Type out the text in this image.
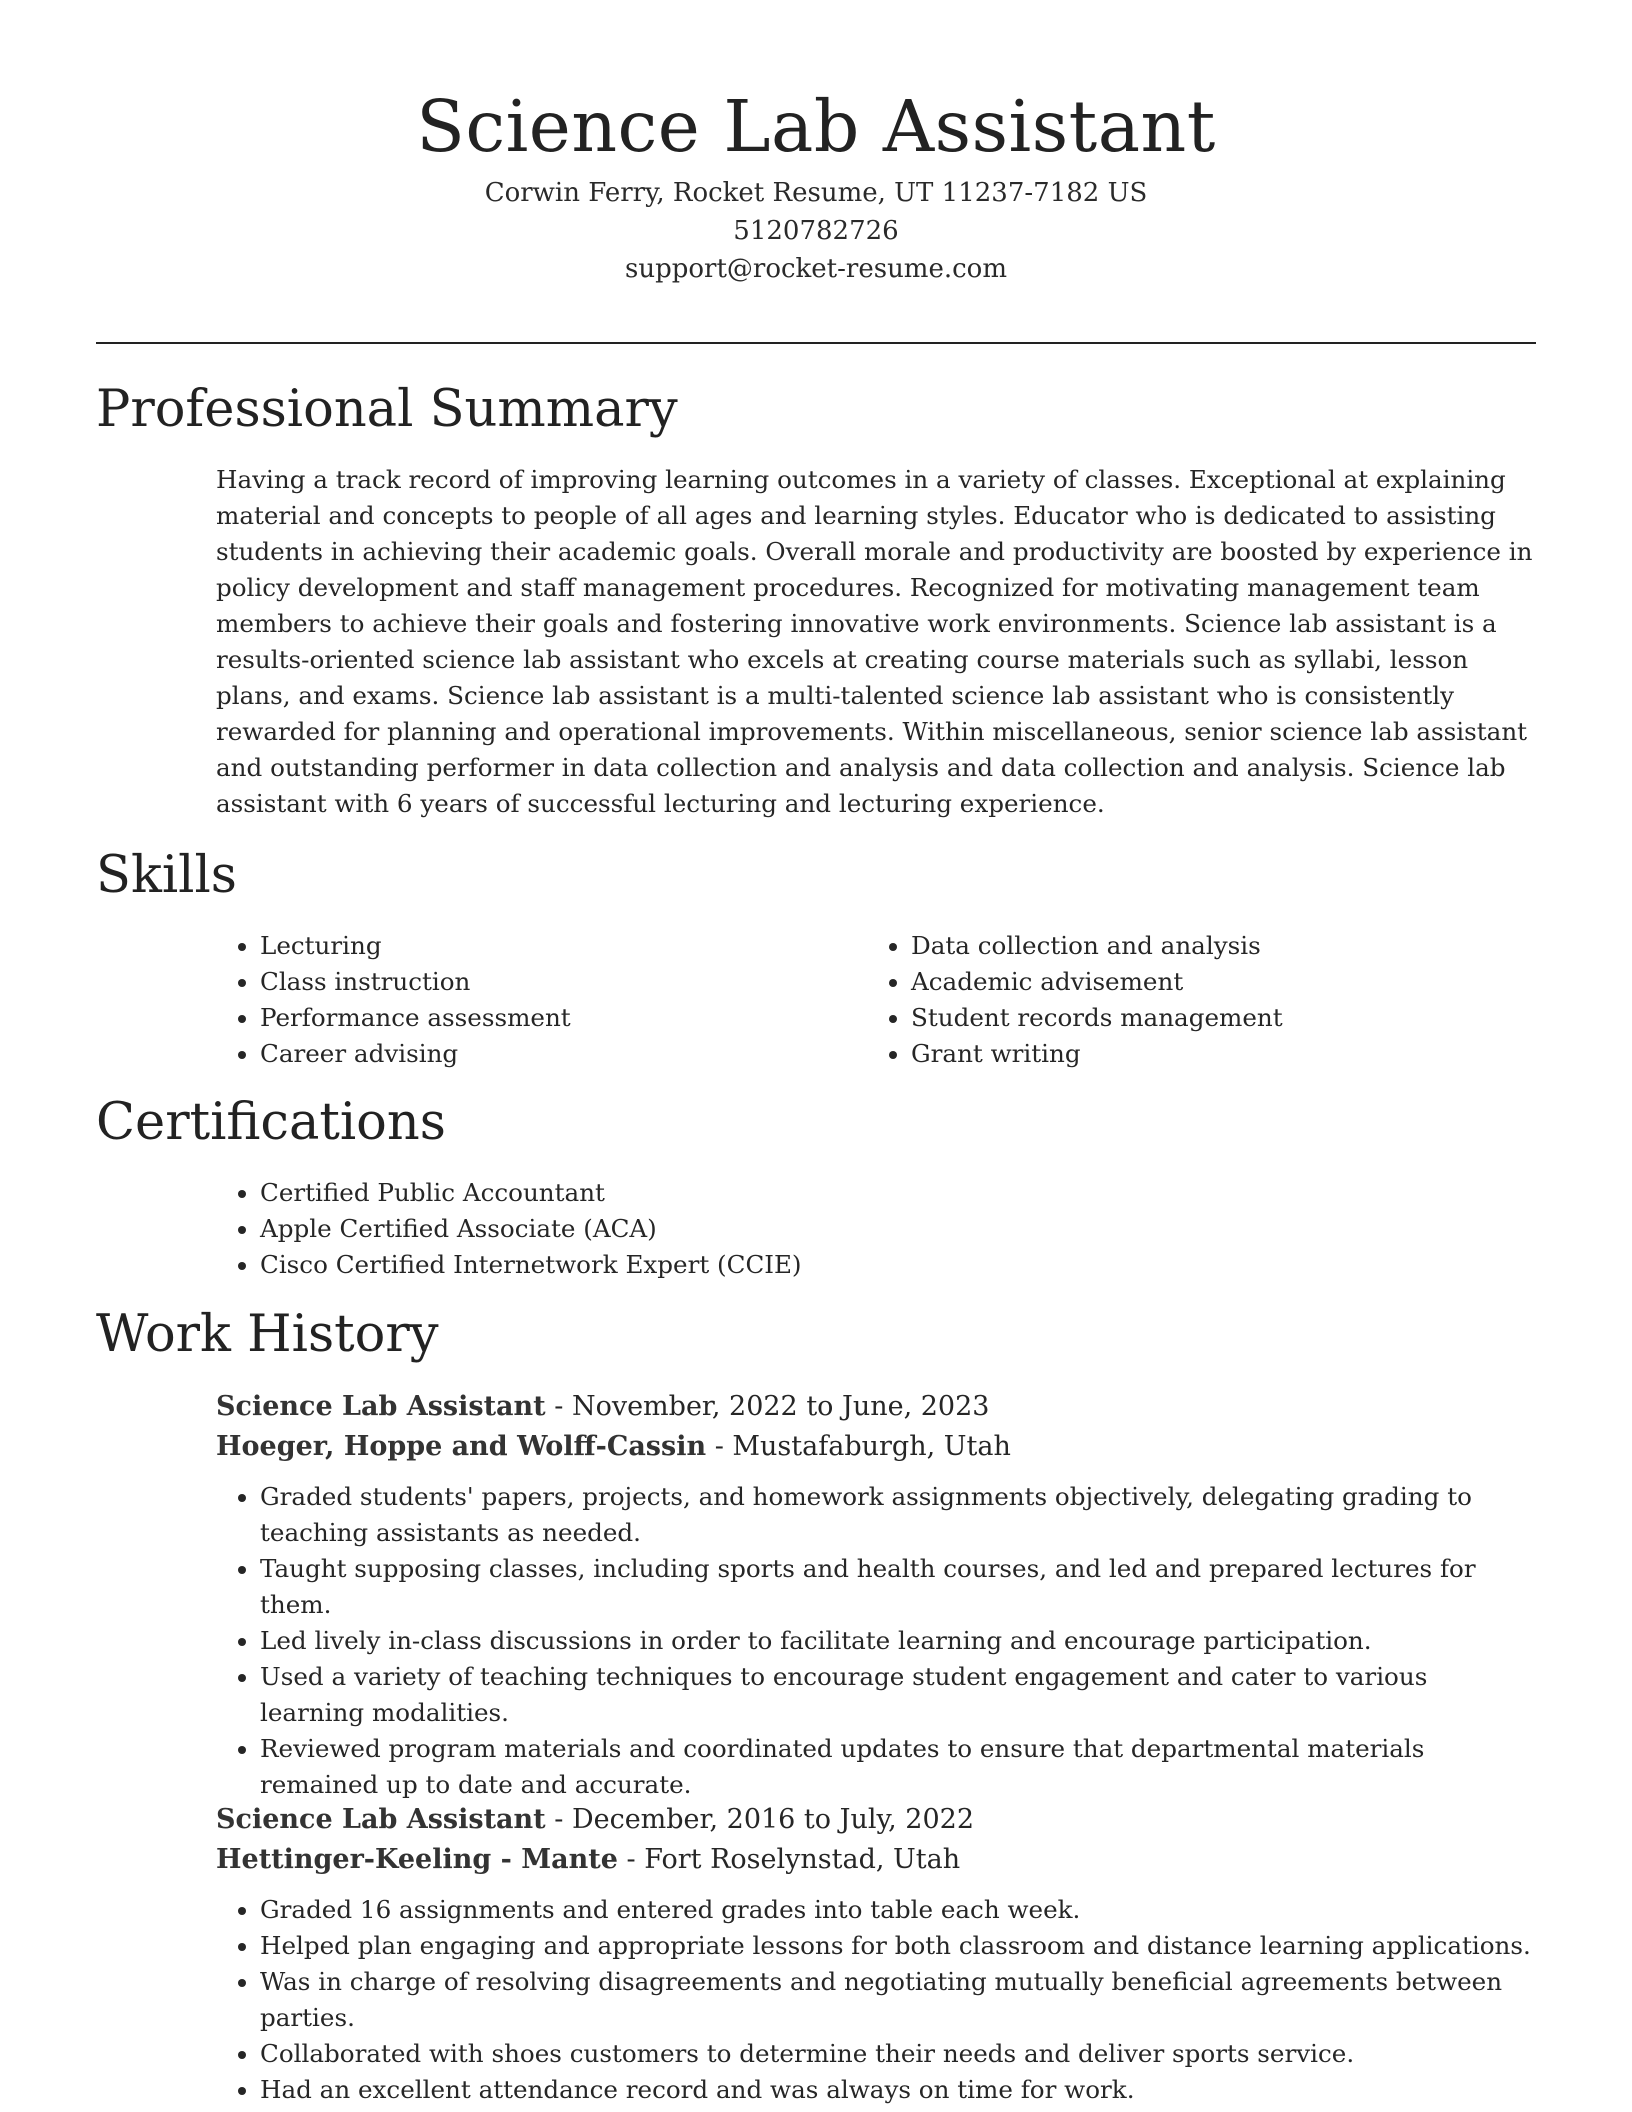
Science Lab Assistant
Corwin Ferry, Rocket Resume, UT 11237-7182 US
5120782726
support@rocket-resume.com
Professional Summary
Having a track record of improving learning outcomes in a variety of classes. Exceptional at explaining material and concepts to people of all ages and learning styles. Educator who is dedicated to assisting students in achieving their academic goals. Overall morale and productivity are boosted by experience in policy development and staff management procedures. Recognized for motivating management team members to achieve their goals and fostering innovative work environments. Science lab assistant is a results-oriented science lab assistant who excels at creating course materials such as syllabi, lesson plans, and exams. Science lab assistant is a multi-talented science lab assistant who is consistently rewarded for planning and operational improvements. Within miscellaneous, senior science lab assistant and outstanding performer in data collection and analysis and data collection and analysis. Science lab assistant with 6 years of successful lecturing and lecturing experience.
Skills
• Lecturing
• Class instruction
• Performance assessment
• Career advising
• Data collection and analysis
• Academic advisement
• Student records management
• Grant writing
Certifications
• Certified Public Accountant
• Apple Certified Associate (ACA)
• Cisco Certified Internetwork Expert (CCIE)
Work History
Science Lab Assistant - November, 2022 to June, 2023
Hoeger, Hoppe and Wolff-Cassin - Mustafaburgh, Utah
• Graded students' papers, projects, and homework assignments objectively, delegating grading to teaching assistants as needed.
• Taught supposing classes, including sports and health courses, and led and prepared lectures for them.
• Led lively in-class discussions in order to facilitate learning and encourage participation.
• Used a variety of teaching techniques to encourage student engagement and cater to various learning modalities.
• Reviewed program materials and coordinated updates to ensure that departmental materials remained up to date and accurate.
Science Lab Assistant - December, 2016 to July, 2022
Hettinger-Keeling - Mante - Fort Roselynstad, Utah
• Graded 16 assignments and entered grades into table each week.
• Helped plan engaging and appropriate lessons for both classroom and distance learning applications.
• Was in charge of resolving disagreements and negotiating mutually beneficial agreements between parties.
• Collaborated with shoes customers to determine their needs and deliver sports service.
• Had an excellent attendance record and was always on time for work.
